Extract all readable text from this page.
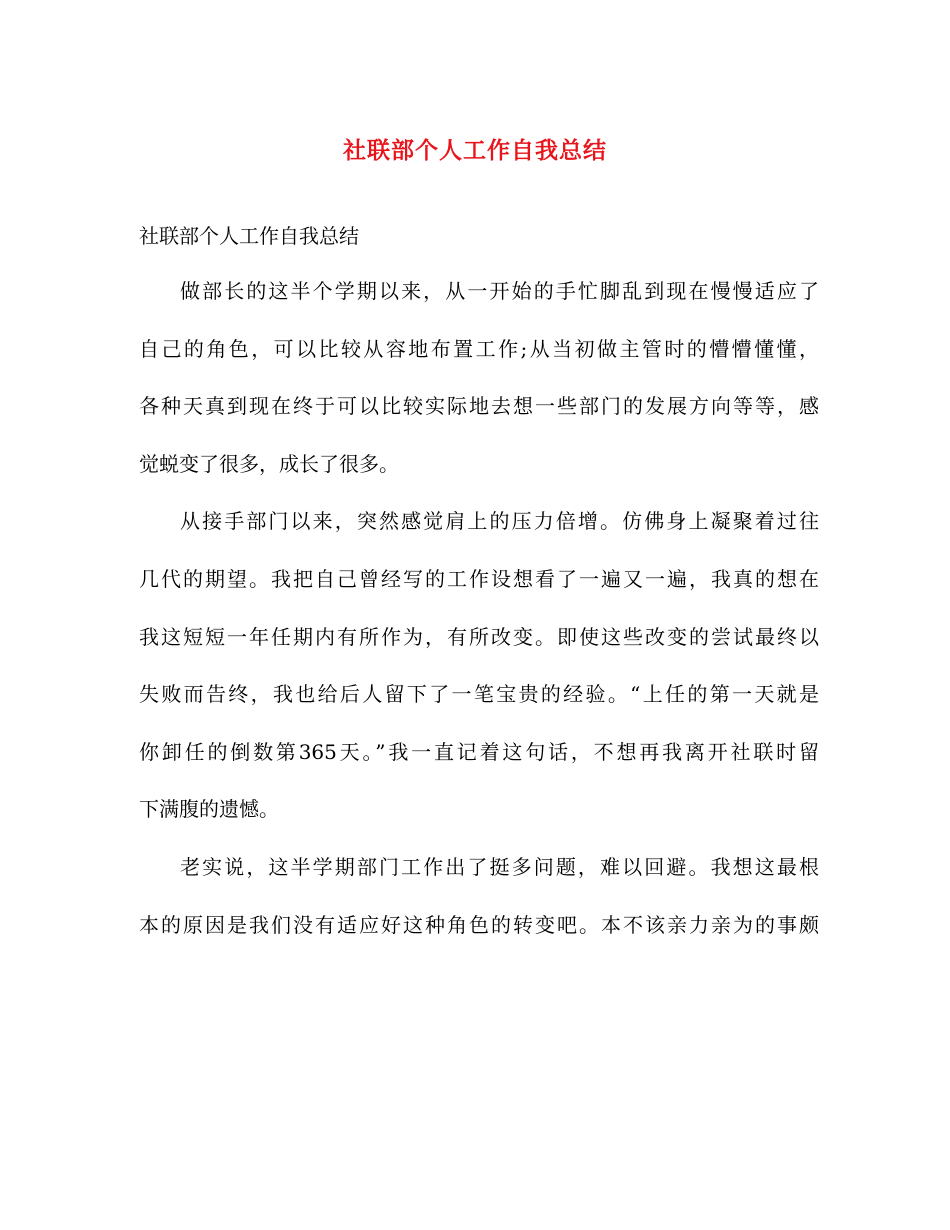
社联部个人工作自我总结
社联部个人工作自我总结
做部长的这半个学期以来，从一开始的手忙脚乱到现在慢慢适应了
自己的角色，可以比较从容地布置工作;从当初做主管时的懵懵懂懂，
各种天真到现在终于可以比较实际地去想一些部门的发展方向等等，感
觉蜕变了很多，成长了很多。
从接手部门以来，突然感觉肩上的压力倍增。仿佛身上凝聚着过往
几代的期望。我把自己曾经写的工作设想看了一遍又一遍，我真的想在
我这短短一年任期内有所作为，有所改变。即使这些改变的尝试最终以
失败而告终，我也给后人留下了一笔宝贵的经验。“上任的第一天就是
你卸任的倒数第365天。”我一直记着这句话，不想再我离开社联时留
下满腹的遗憾。
老实说，这半学期部门工作出了挺多问题，难以回避。我想这最根
本的原因是我们没有适应好这种角色的转变吧。本不该亲力亲为的事颇
